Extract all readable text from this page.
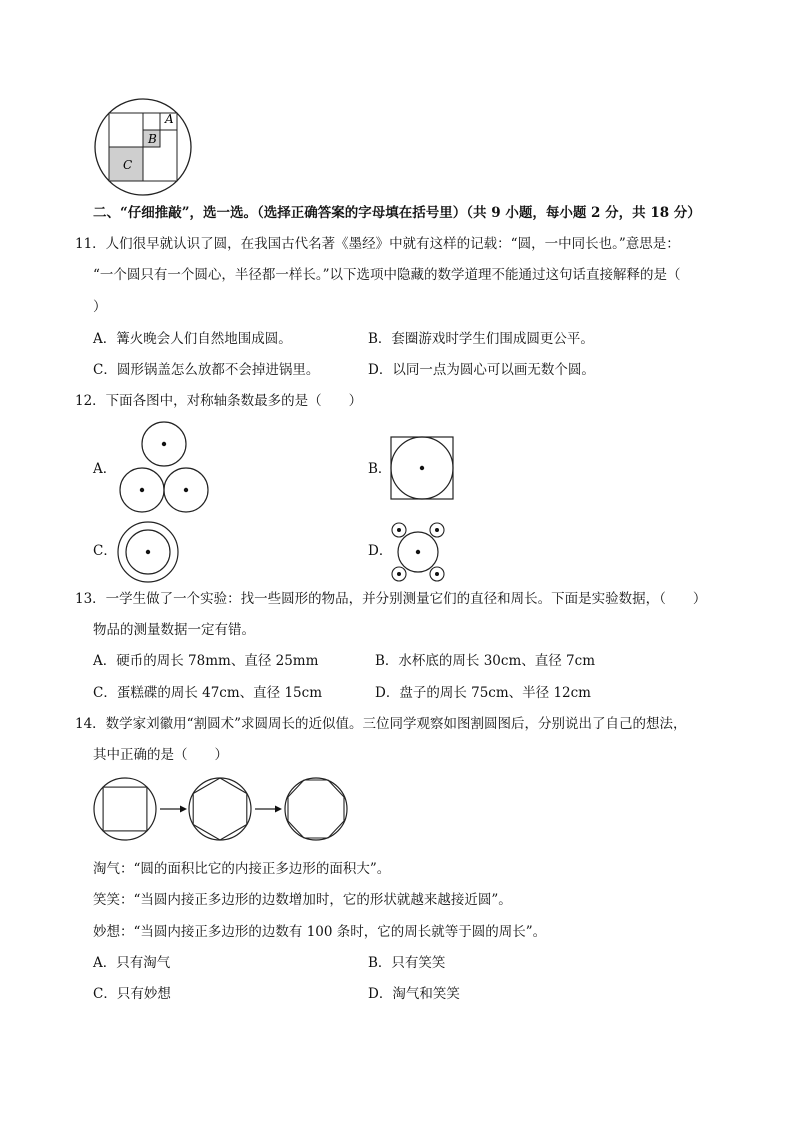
A
B
C
二、“仔细推敲”，选一选。（选择正确答案的字母填在括号里）（共 9 小题，每小题 2 分，共 18 分）
11．人们很早就认识了圆，在我国古代名著《墨经》中就有这样的记载：“圆，一中同长也。”意思是：
“一个圆只有一个圆心，半径都一样长。”以下选项中隐藏的数学道理不能通过这句话直接解释的是（
）
A．篝火晚会人们自然地围成圆。	B．套圈游戏时学生们围成圆更公平。
C．圆形锅盖怎么放都不会掉进锅里。	D．以同一点为圆心可以画无数个圆。
12．下面各图中，对称轴条数最多的是（　　）
A．	B．
C．	D．
13．一学生做了一个实验：找一些圆形的物品，并分别测量它们的直径和周长。下面是实验数据，（　　）
物品的测量数据一定有错。
A．硬币的周长 78mm、直径 25mm	B．水杯底的周长 30cm、直径 7cm
C．蛋糕碟的周长 47cm、直径 15cm	D．盘子的周长 75cm、半径 12cm
14．数学家刘徽用“割圆术”求圆周长的近似值。三位同学观察如图割圆图后，分别说出了自己的想法，
其中正确的是（　　）
淘气：“圆的面积比它的内接正多边形的面积大”。
笑笑：“当圆内接正多边形的边数增加时，它的形状就越来越接近圆”。
妙想：“当圆内接正多边形的边数有 100 条时，它的周长就等于圆的周长”。
A．只有淘气	B．只有笑笑
C．只有妙想	D．淘气和笑笑
